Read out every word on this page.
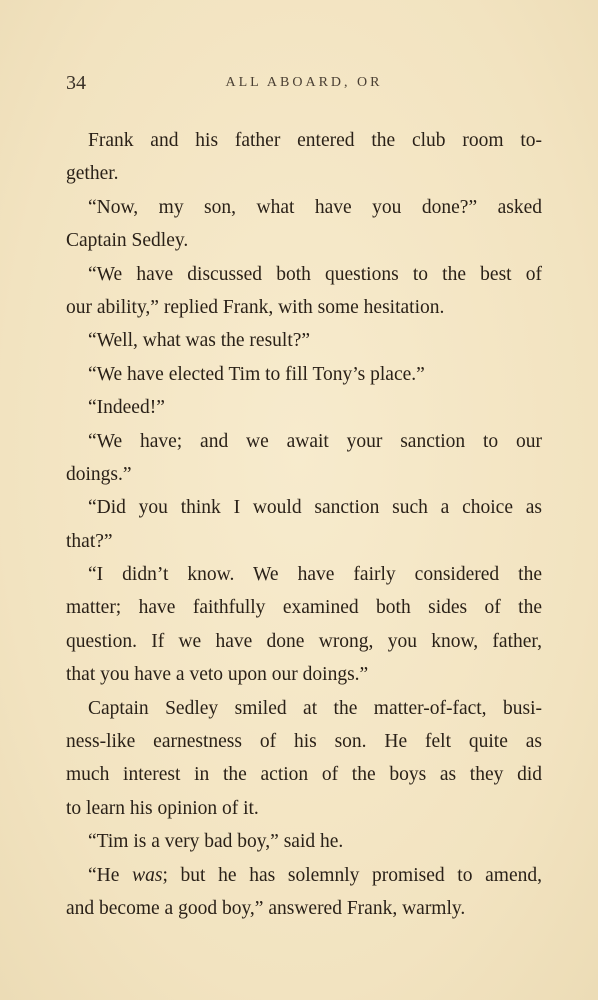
34	ALL ABOARD, OR
Frank and his father entered the club room to-
gether.
“Now, my son, what have you done?” asked
Captain Sedley.
“We have discussed both questions to the best of
our ability,” replied Frank, with some hesitation.
“Well, what was the result?”
“We have elected Tim to fill Tony’s place.”
“Indeed!”
“We have; and we await your sanction to our
doings.”
“Did you think I would sanction such a choice as
that?”
“I didn’t know. We have fairly considered the
matter; have faithfully examined both sides of the
question. If we have done wrong, you know, father,
that you have a veto upon our doings.”
Captain Sedley smiled at the matter-of-fact, busi-
ness-like earnestness of his son. He felt quite as
much interest in the action of the boys as they did
to learn his opinion of it.
“Tim is a very bad boy,” said he.
“He was; but he has solemnly promised to amend,
and become a good boy,” answered Frank, warmly.
